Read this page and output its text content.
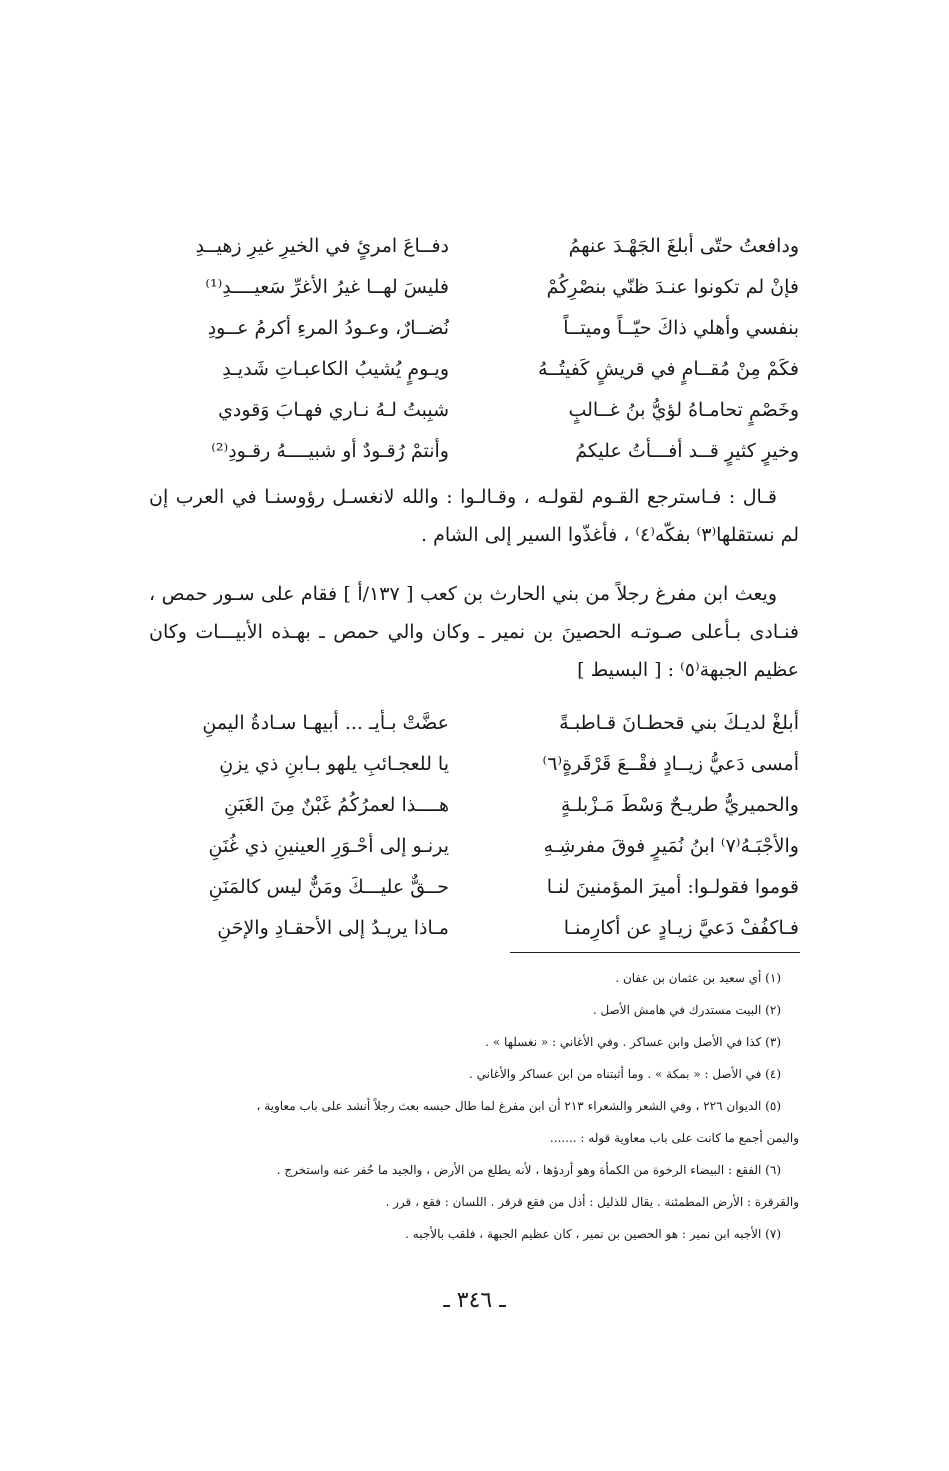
ودافعتُ حتّى أبلغَ الجَهْـدَ عنهمُ
دفــاعَ امرئٍ في الخيرِ غيرِ زهيــدِ
فإنْ لم تكونوا عنـدَ ظنّي بنصْرِكُمْ
فليسَ لهــا غيرُ الأغرِّ سَعيــــدِ⁽¹⁾
بنفسي وأهلي ذاكَ حيّــاً وميتــاً
نُضــارٌ، وعـودُ المرءِ أكرمُ عــودِ
فكَمْ مِنْ مُقــامٍ في قريشٍ كَفيتُــهُ
ويـومٍ يُشيبُ الكاعبـاتِ شَديـدِ
وخَصْمٍ تحامـاهُ لؤيُّ بنُ غــالبٍ
شبِبتُ لـهُ نـاري فهـابَ وَقودي
وخيرٍ كثيرٍ قــد أفـــأتُ عليكمُ
وأنتمْ رُقـودٌ أو شبيــــهُ رقـودِ⁽²⁾
قـال : فـاسترجع القـوم لقولـه ، وقـالـوا : والله لانغسـل رؤوسنـا في العرب إن لم نستقلها⁽٣⁾ بفكّه⁽٤⁾ ، فأغذّوا السير إلى الشام .
ويعث ابن مفرغ رجلاً من بني الحارث بن كعب [ ١٣٧/أ ] فقام على سـور حمص ، فنـادى بـأعلى صـوتـه الحصينَ بن نمير ـ وكان والي حمص ـ بهـذه الأبيـــات وكان عظيم الجبهة⁽٥⁾ : [ البسيط ]
أبلغْ لديـكَ بني قحطـانَ قـاطبـةً
عضَّتْ بـأيـ ... أبيهـا سـادةُ اليمنِ
أمسى دَعيُّ زيــادٍ فقْــعَ قَرْقَرةٍ⁽٦⁾
يا للعجـائبِ يلهو بـابنِ ذي يزنِ
والحميريُّ طريـحٌ وَسْطَ مَـزْبلـةٍ
هــــذا لعمرُكُمُ غَبْنٌ مِنَ الغَبَنِ
والأجْبَـهُ⁽٧⁾ ابنُ نُمَيرٍ فوقَ مفرشِـهِ
يرنـو إلى أحْـوَرِ العينينِ ذي غُنَنِ
قوموا فقولـوا: أميرَ المؤمنينَ لنـا
حــقٌّ عليـــكَ ومَنٌّ ليس كالمَنَنِ
فـاكفُفْ دَعيَّ زيـادٍ عن أكارِمنـا
مـاذا يريـدُ إلى الأحقـادِ والإحَنِ
(١) أي سعيد بن عثمان بن عفان .
(٢) البيت مستدرك في هامش الأصل .
(٣) كذا في الأصل وابن عساكر . وفي الأغاني : « نغسلها » .
(٤) في الأصل : « بمكة » . وما أثبتناه من ابن عساكر والأغاني .
(٥) الديوان ٢٢٦ ، وفي الشعر والشعراء ٢١٣ أن ابن مفرغ لما طال حبسه بعث رجلاً أنشد على باب معاوية ،
واليمن أجمع ما كانت على باب معاوية قوله : .......
(٦) الفقع : البيضاء الرخوة من الكمأة وهو أردؤها ، لأنه يطلع من الأرض ، والجيد ما حُفر عنه واستخرج .
والقرقرة : الأرض المطمئنة . يقال للذليل : أذل من فقع قرقر . اللسان : فقع ، قرر .
(٧) الأجبه ابن نمير : هو الحصين بن نمير ، كان عظيم الجبهة ، فلقب بالأجبه .
ـ ٣٤٦ ـ
